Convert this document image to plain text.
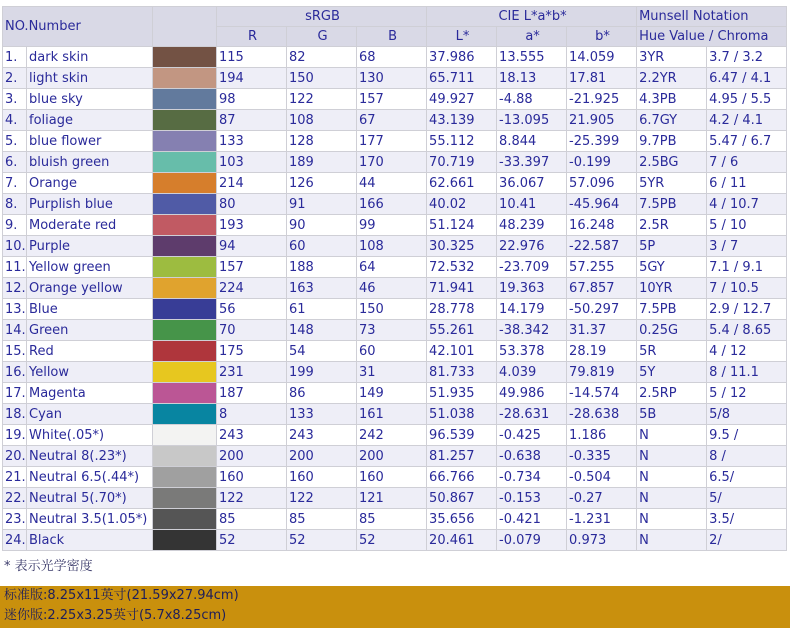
NO.Number			sRGB			CIE L*a*b*			Munsell Notation	
			R	G	B	L*	a*	b*	Hue Value / Chroma	
1.	dark skin		115	82	68	37.986	13.555	14.059	3YR	3.7 / 3.2
2.	light skin		194	150	130	65.711	18.13	17.81	2.2YR	6.47 / 4.1
3.	blue sky		98	122	157	49.927	-4.88	-21.925	4.3PB	4.95 / 5.5
4.	foliage		87	108	67	43.139	-13.095	21.905	6.7GY	4.2 / 4.1
5.	blue flower		133	128	177	55.112	8.844	-25.399	9.7PB	5.47 / 6.7
6.	bluish green		103	189	170	70.719	-33.397	-0.199	2.5BG	7 / 6
7.	Orange		214	126	44	62.661	36.067	57.096	5YR	6 / 11
8.	Purplish blue		80	91	166	40.02	10.41	-45.964	7.5PB	4 / 10.7
9.	Moderate red		193	90	99	51.124	48.239	16.248	2.5R	5 / 10
10.	Purple		94	60	108	30.325	22.976	-22.587	5P	3 / 7
11.	Yellow green		157	188	64	72.532	-23.709	57.255	5GY	7.1 / 9.1
12.	Orange yellow		224	163	46	71.941	19.363	67.857	10YR	7 / 10.5
13.	Blue		56	61	150	28.778	14.179	-50.297	7.5PB	2.9 / 12.7
14.	Green		70	148	73	55.261	-38.342	31.37	0.25G	5.4 / 8.65
15.	Red		175	54	60	42.101	53.378	28.19	5R	4 / 12
16.	Yellow		231	199	31	81.733	4.039	79.819	5Y	8 / 11.1
17.	Magenta		187	86	149	51.935	49.986	-14.574	2.5RP	5 / 12
18.	Cyan		8	133	161	51.038	-28.631	-28.638	5B	5/8
19.	White(.05*)		243	243	242	96.539	-0.425	1.186	N	9.5 /
20.	Neutral 8(.23*)		200	200	200	81.257	-0.638	-0.335	N	8 /
21.	Neutral 6.5(.44*)		160	160	160	66.766	-0.734	-0.504	N	6.5/
22.	Neutral 5(.70*)		122	122	121	50.867	-0.153	-0.27	N	5/
23.	Neutral 3.5(1.05*)		85	85	85	35.656	-0.421	-1.231	N	3.5/
24.	Black		52	52	52	20.461	-0.079	0.973	N	2/
* 表示光学密度
标准版:8.25x11英寸(21.59x27.94cm)
迷你版:2.25x3.25英寸(5.7x8.25cm)
